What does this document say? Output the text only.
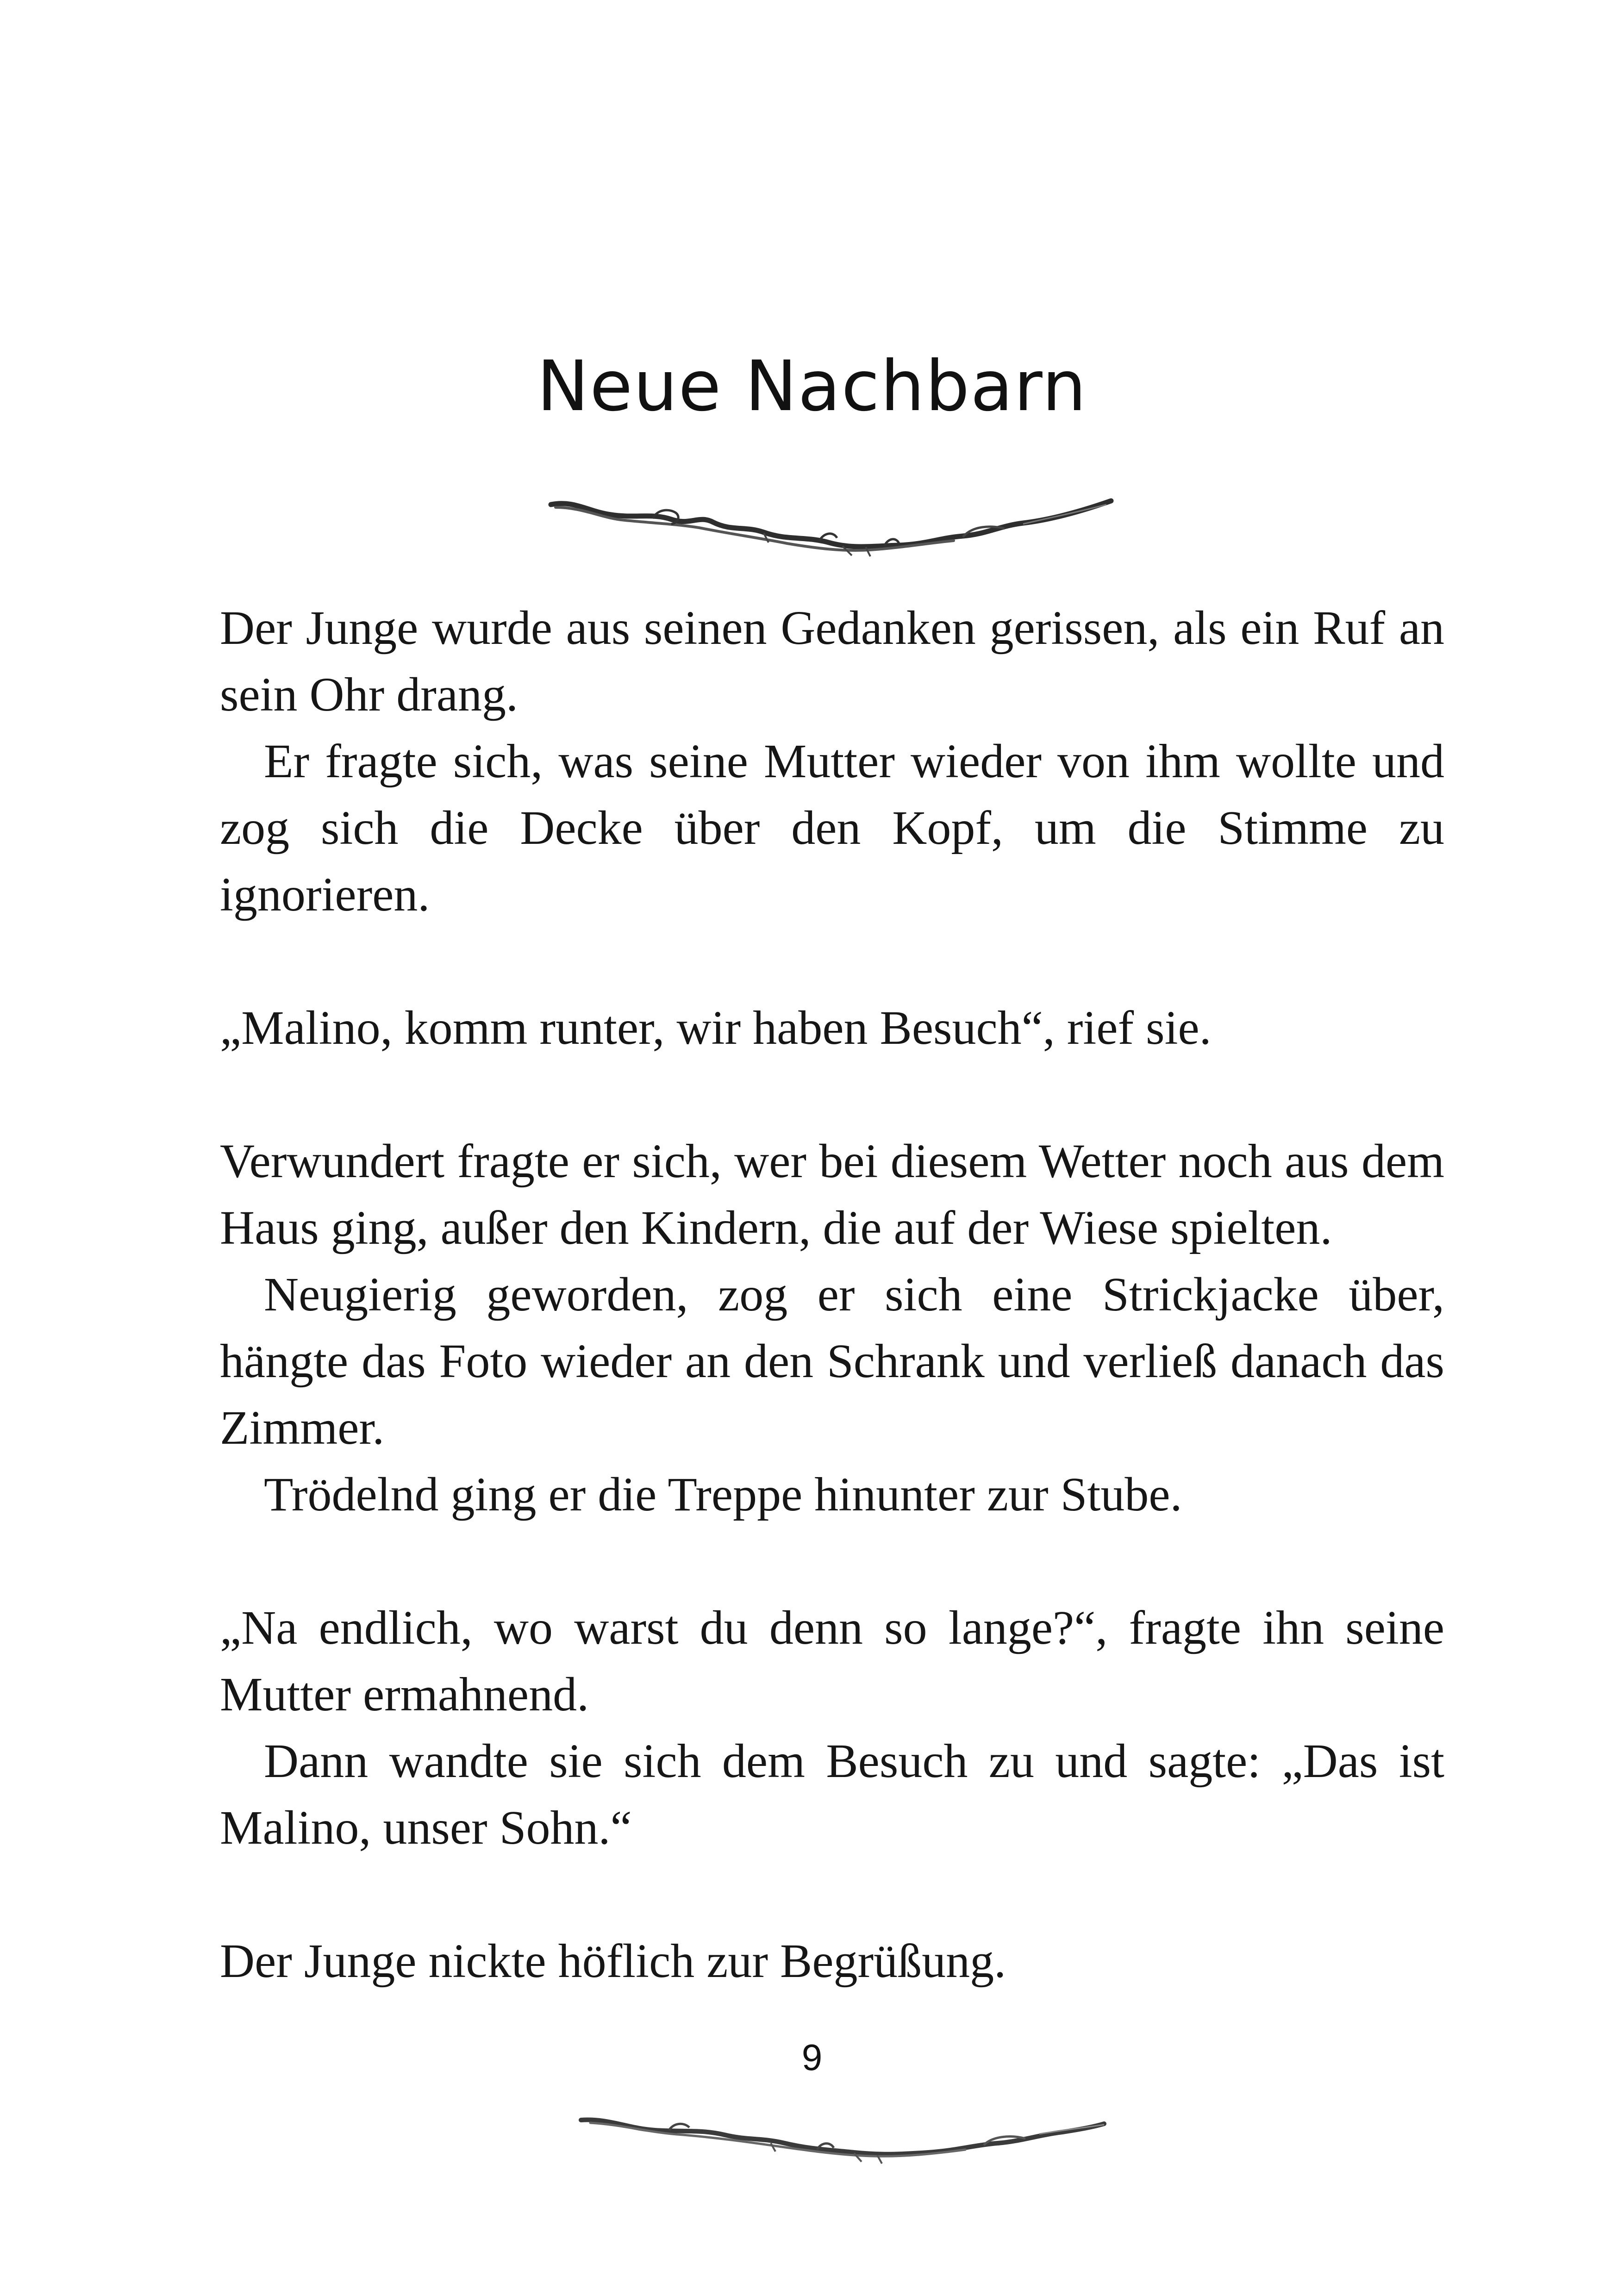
Neue Nachbarn

Der Junge wurde aus seinen Gedanken gerissen, als ein Ruf an sein Ohr drang.

Er fragte sich, was seine Mutter wieder von ihm wollte und zog sich die Decke über den Kopf, um die Stimme zu ignorieren.

„Malino, komm runter, wir haben Besuch“, rief sie.

Verwundert fragte er sich, wer bei diesem Wetter noch aus dem Haus ging, außer den Kindern, die auf der Wiese spielten.

Neugierig geworden, zog er sich eine Strickjacke über, hängte das Foto wieder an den Schrank und verließ danach das Zimmer.

Trödelnd ging er die Treppe hinunter zur Stube.

„Na endlich, wo warst du denn so lange?“, fragte ihn seine Mutter ermahnend.

Dann wandte sie sich dem Besuch zu und sagte: „Das ist Malino, unser Sohn.“

Der Junge nickte höflich zur Begrüßung.

9
